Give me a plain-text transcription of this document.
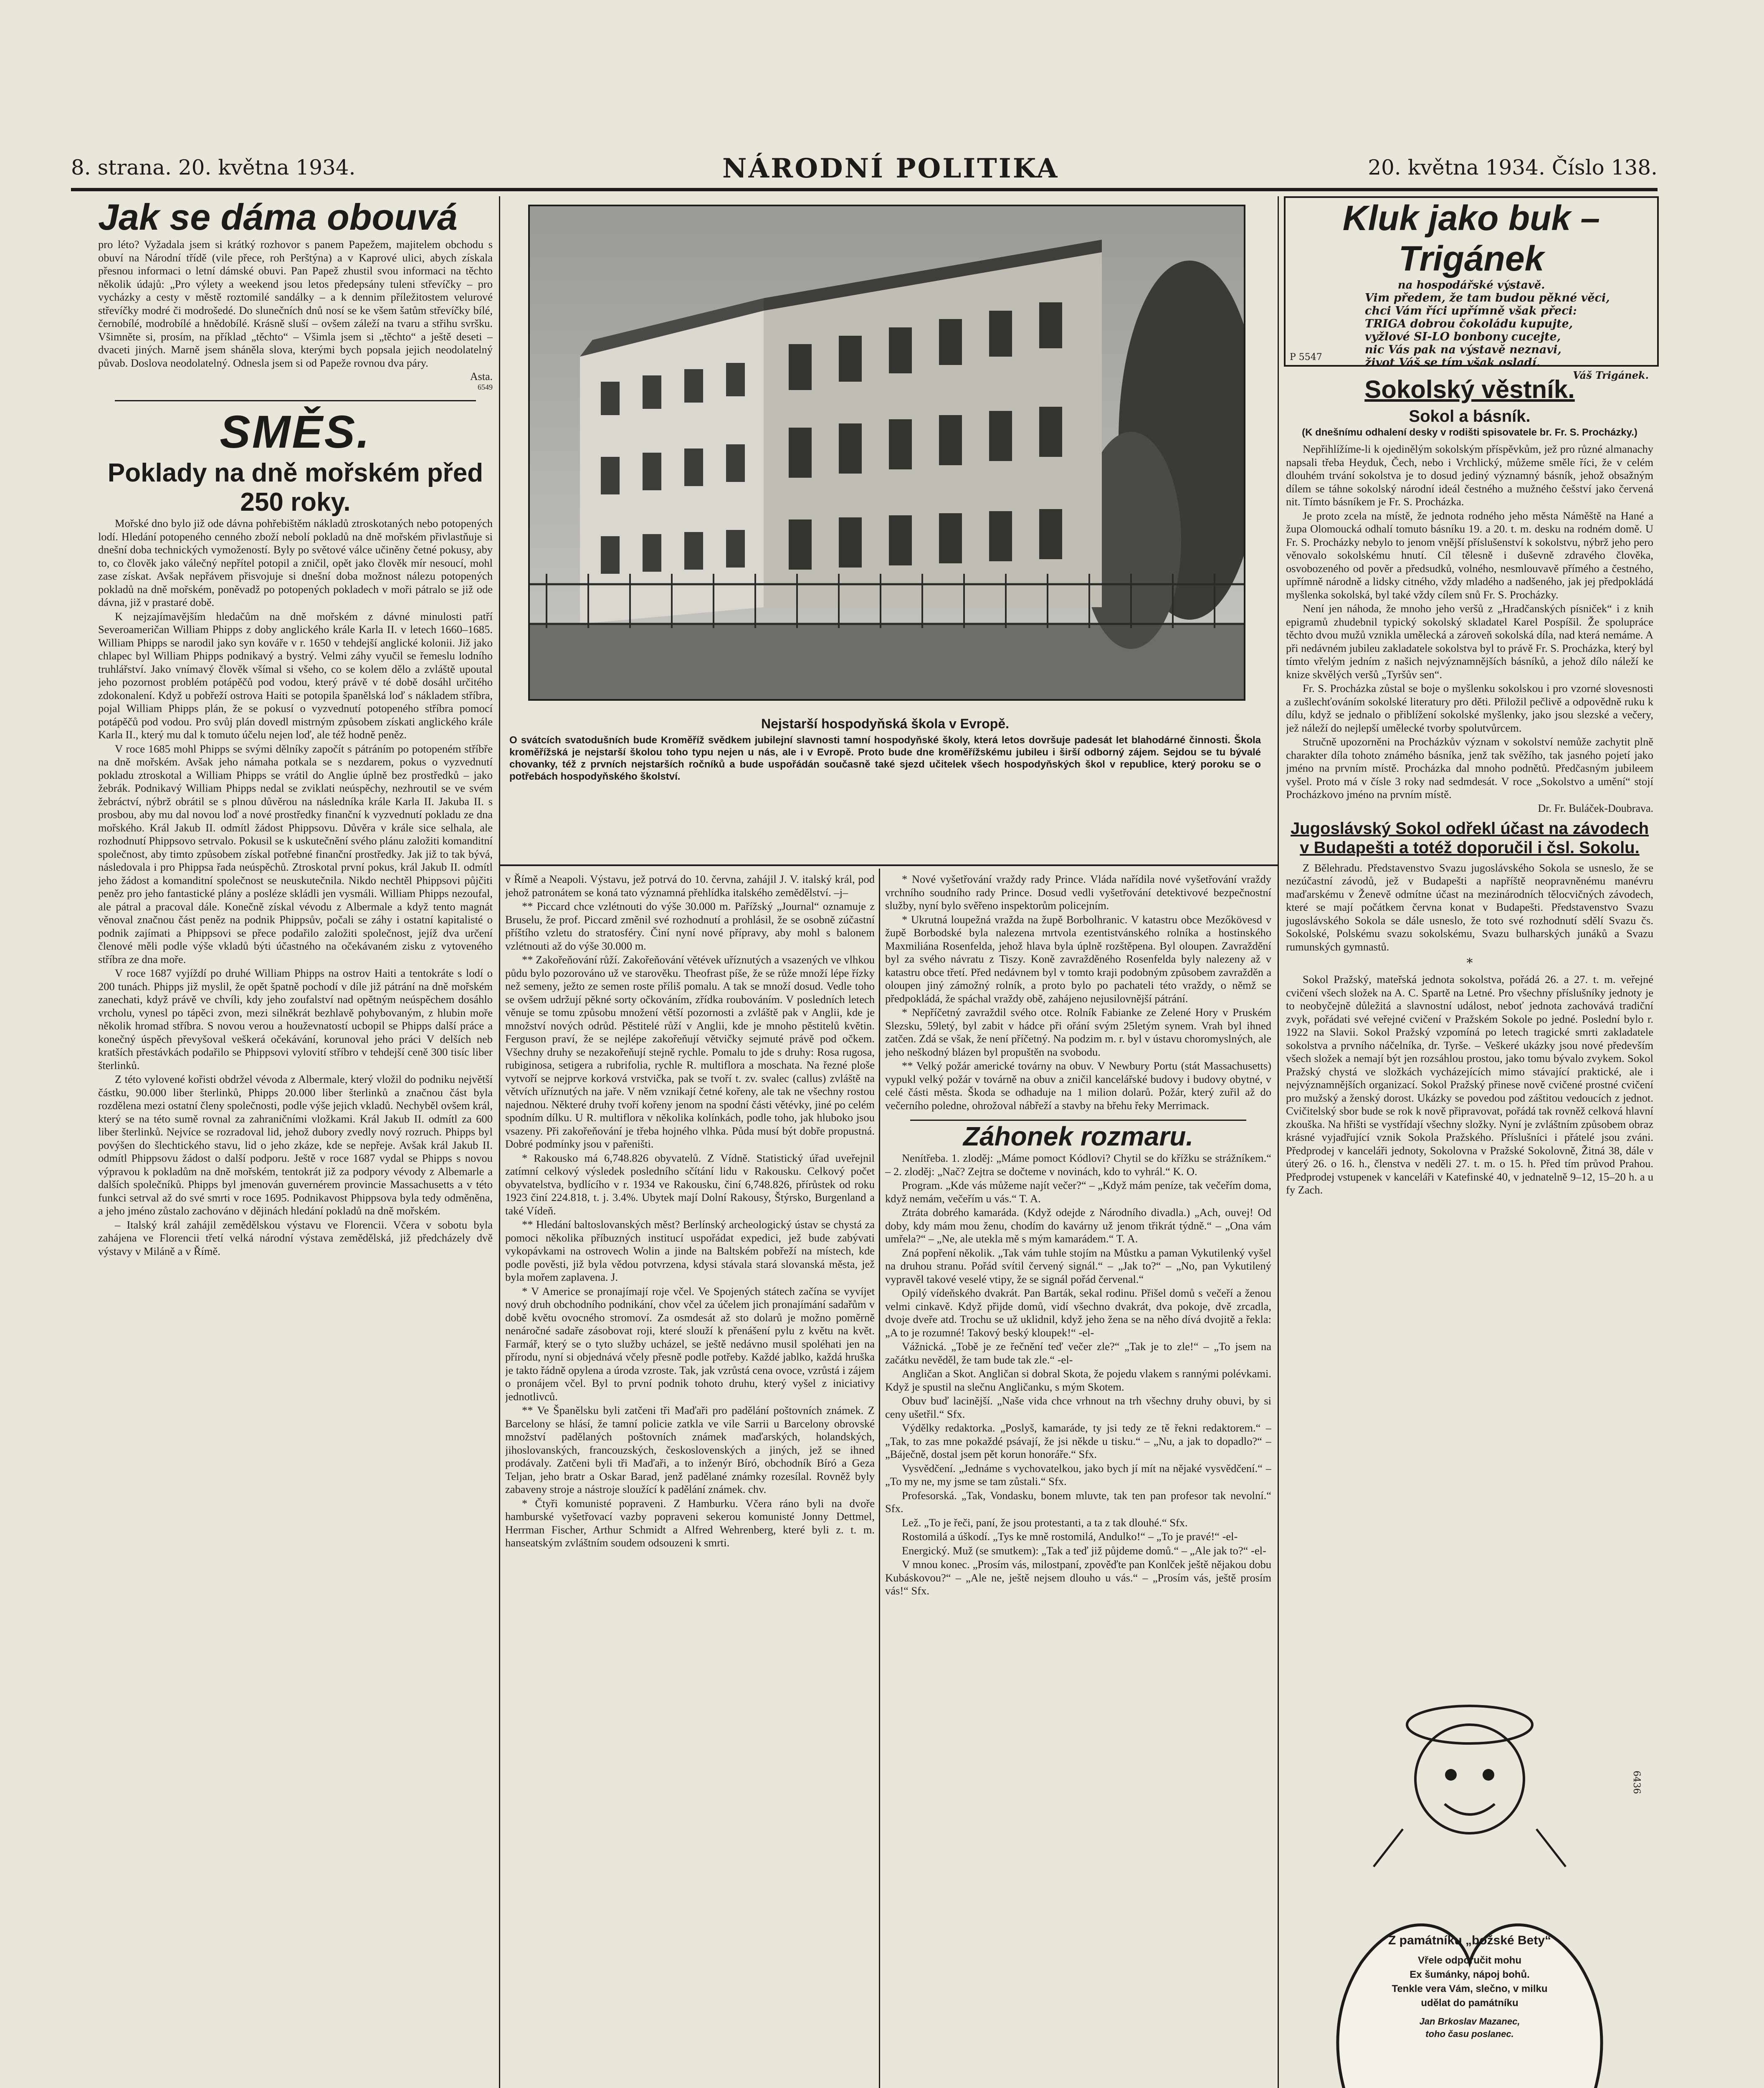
8. strana. 20. května 1934.	NÁRODNÍ POLITIKA	20. května 1934. Číslo 138.
Jak se dáma obouvá

pro léto? Vyžadala jsem si krátký rozhovor s panem Papežem, majitelem obchodu s obuví na Národní třídě (vile přece, roh Perštýna) a v Kaprové ulici, abych získala přesnou informaci o letní dámské obuvi. Pan Papež zhustil svou informaci na těchto několik údajů: „Pro výlety a weekend jsou letos předepsány tuleni střevíčky – pro vycházky a cesty v městě roztomilé sandálky – a k dennim příležitostem velurové střevíčky modré či modrošedé. Do slunečních dnů nosí se ke všem šatům střevíčky bílé, černobílé, modrobílé a hnědobílé. Krásně sluší – ovšem záleží na tvaru a střihu svršku. Všimněte si, prosím, na příklad „těchto“ – Všimla jsem si „těchto“ a ještě deseti – dvaceti jiných. Marně jsem sháněla slova, kterými bych popsala jejich neodolatelný půvab. Doslova neodolatelný. Odnesla jsem si od Papeže rovnou dva páry.

Asta.
6549
SMĚS.
Poklady na dně mořském před 250 roky.

Mořské dno bylo již ode dávna pohřebištěm nákladů ztroskotaných nebo potopených lodí. Hledání potopeného cenného zboží nebolí pokladů na dně mořském přivlastňuje si dnešní doba technických vymožeností. Byly po světové válce učiněny četné pokusy, aby to, co člověk jako válečný nepřítel potopil a zničil, opět jako člověk mír nesoucí, mohl zase získat. Avšak nepřávem přisvojuje si dnešní doba možnost nálezu potopených pokladů na dně mořském, poněvadž po potopených pokladech v moři pátralo se již ode dávna, již v prastaré době.

K nejzajímavějším hledačům na dně mořském z dávné minulosti patří Severoameričan William Phipps z doby anglického krále Karla II. v letech 1660–1685. William Phipps se narodil jako syn kováře v r. 1650 v tehdejší anglické kolonii. Již jako chlapec byl William Phipps podnikavý a bystrý. Velmi záhy vyučil se řemeslu lodního truhlářství. Jako vnímavý člověk všímal si všeho, co se kolem dělo a zvláště upoutal jeho pozornost problém potápěčů pod vodou, který právě v té době dosáhl určitého zdokonalení. Když u pobřeží ostrova Haiti se potopila španělská loď s nákladem stříbra, pojal William Phipps plán, že se pokusí o vyzvednutí potopeného stříbra pomocí potápěčů pod vodou. Pro svůj plán dovedl mistrným způsobem získati anglického krále Karla II., který mu dal k tomuto účelu nejen loď, ale též hodně peněz.

V roce 1685 mohl Phipps se svými dělníky započít s pátráním po potopeném stříbře na dně mořském. Avšak jeho námaha potkala se s nezdarem, pokus o vyzvednutí pokladu ztroskotal a William Phipps se vrátil do Anglie úplně bez prostředků – jako žebrák. Podnikavý William Phipps nedal se zviklati neúspěchy, nezhroutil se ve svém žebráctví, nýbrž obrátil se s plnou důvěrou na následníka krále Karla II. Jakuba II. s prosbou, aby mu dal novou loď a nové prostředky finanční k vyzvednutí pokladu ze dna mořského. Král Jakub II. odmítl žádost Phippsovu. Důvěra v krále sice selhala, ale rozhodnutí Phippsovo setrvalo. Pokusil se k uskutečnění svého plánu založiti komanditní společnost, aby timto způsobem získal potřebné finanční prostředky. Jak již to tak bývá, následovala i pro Phippsa řada neúspěchů. Ztroskotal první pokus, král Jakub II. odmítl jeho žádost a komanditní společnost se neuskutečnila. Nikdo nechtěl Phippsovi půjčiti peněz pro jeho fantastické plány a posléze skládli jen vysmáli. William Phipps nezoufal, ale pátral a pracoval dále. Konečně získal vévodu z Albermale a když tento magnát věnoval značnou část peněz na podnik Phippsův, počali se záhy i ostatní kapitalisté o podnik zajímati a Phippsovi se přece podařilo založiti společnost, jejíž dva určení členové měli podle výše vkladů býti účastného na očekávaném zisku z vytoveného stříbra ze dna moře.

V roce 1687 vyjíždí po druhé William Phipps na ostrov Haiti a tentokráte s lodí o 200 tunách. Phipps již myslil, že opět špatně pochodí v díle již pátrání na dně mořském zanechati, když právě ve chvíli, kdy jeho zoufalství nad opětným neúspěchem dosáhlo vrcholu, vynesl po tápěci zvon, mezi silněkrát bezhlavě pohybovaným, z hlubin moře několik hromad stříbra. S novou verou a houževnatostí ucbopil se Phipps další práce a konečný úspěch převyšoval veškerá očekávání, korunoval jeho práci V delších neb kratších přestávkách podařilo se Phippsovi vylovití stříbro v tehdejší ceně 300 tisíc liber šterlinků.

Z této vylovené kořisti obdržel vévoda z Albermale, který vložil do podniku největší částku, 90.000 liber šterlinků, Phipps 20.000 liber šterlinků a značnou část byla rozdělena mezi ostatní členy společnosti, podle výše jejich vkladů. Nechyběl ovšem král, který se na této sumě rovnal za zahraničními vložkami. Král Jakub II. odmítl za 600 liber šterlinků. Nejvíce se rozradoval lid, jehož dubory zvedly nový rozruch. Phipps byl povýšen do šlechtického stavu, lid o jeho zkáze, kde se nepřeje. Avšak král Jakub II. odmítl Phippsovu žádost o další podporu. Ještě v roce 1687 vydal se Phipps s novou výpravou k pokladům na dně mořském, tentokrát již za podpory vévody z Albemarle a dalších společníků. Phipps byl jmenován guvernérem provincie Massachusetts a v této funkci setrval až do své smrti v roce 1695. Podnikavost Phippsova byla tedy odměněna, a jeho jméno zůstalo zachováno v dějinách hledání pokladů na dně mořském.

– Italský král zahájil zemědělskou výstavu ve Florencii. Včera v sobotu byla zahájena ve Florencii třetí velká národní výstava zemědělská, již předcházely dvě výstavy v Miláně a v Římě.

Nejstarší hospodyňská škola v Evropě.
O svátcích svatodušních bude Kroměříž svědkem jubilejní slavnosti tamní hospodyňské školy, která letos dovršuje padesát let blahodárné činnosti. Škola kroměřížská je nejstarší školou toho typu nejen u nás, ale i v Evropě. Proto bude dne kroměřížskému jubileu i širší odborný zájem. Sejdou se tu bývalé chovanky, též z prvních nejstarších ročníků a bude uspořádán současně také sjezd učitelek všech hospodyňských škol v republice, který poroku se o potřebách hospodyňského školství.

v Římě a Neapoli. Výstavu, jež potrvá do 10. června, zahájil J. V. italský král, pod jehož patronátem se koná tato významná přehlídka italského zemědělství. –j–

** Piccard chce vzlétnouti do výše 30.000 m. Pařížský „Journal“ oznamuje z Bruselu, že prof. Piccard změnil své rozhodnutí a prohlásil, že se osobně zúčastní příštího vzletu do stratosféry. Činí nyní nové přípravy, aby mohl s balonem vzlétnouti až do výše 30.000 m.

** Zakořeňování růží. Zakořeňování větévek uříznutých a vsazených ve vlhkou půdu bylo pozorováno už ve starověku. Theofrast píše, že se růže množí lépe řízky než semeny, ježto ze semen roste příliš pomalu. A tak se množí dosud. Vedle toho se ovšem udržují pěkné sorty očkováním, zřídka roubováním. V posledních letech věnuje se tomu způsobu množení větší pozornosti a zvláště pak v Anglii, kde je množství nových odrůd. Pěstitelé růží v Anglii, kde je mnoho pěstitelů květin. Ferguson praví, že se nejlépe zakořeňují větvičky sejmuté právě pod očkem. Všechny druhy se nezakořeňují stejně rychle. Pomalu to jde s druhy: Rosa rugosa, rubiginosa, setigera a rubrifolia, rychle R. multiflora a moschata. Na řezné ploše vytvoří se nejprve korková vrstvička, pak se tvoří t. zv. svalec (callus) zvláště na větvích uříznutých na jaře. V něm vznikají četné kořeny, ale tak ne všechny rostou najednou. Některé druhy tvoří kořeny jenom na spodní části větévky, jiné po celém spodním dílku. U R. multiflora v několika kolínkách, podle toho, jak hluboko jsou vsazeny. Při zakořeňování je třeba hojného vlhka. Půda musí být dobře propustná. Dobré podmínky jsou v pařeništi.

* Rakousko má 6,748.826 obyvatelů. Z Vídně. Statistický úřad uveřejnil zatímní celkový výsledek posledního sčítání lidu v Rakousku. Celkový počet obyvatelstva, bydlícího v r. 1934 ve Rakousku, činí 6,748.826, přírůstek od roku 1923 činí 224.818, t. j. 3.4%. Ubytek mají Dolní Rakousy, Štýrsko, Burgenland a také Vídeň.

** Hledání baltoslovanských měst? Berlínský archeologický ústav se chystá za pomoci několika příbuzných institucí uspořádat expedici, jež bude zabývati vykopávkami na ostrovech Wolin a jinde na Baltském pobřeží na místech, kde podle pověsti, již byla vědou potvrzena, kdysi stávala stará slovanská města, jež byla mořem zaplavena. J.

* V Americe se pronajímají roje včel. Ve Spojených státech začína se vyvíjet nový druh obchodního podnikání, chov včel za účelem jich pronajímání sadařům v době květu ovocného stromoví. Za osmdesát až sto dolarů je možno poměrně nenáročné sadaře zásobovat roji, které slouží k přenášení pylu z květu na květ. Farmář, který se o tyto služby ucházel, se ještě nedávno musil spoléhati jen na přírodu, nyní si objednává včely přesně podle potřeby. Každé jablko, každá hruška je takto řádně opylena a úroda vzroste. Tak, jak vzrůstá cena ovoce, vzrůstá i zájem o pronájem včel. Byl to první podnik tohoto druhu, který vyšel z iniciativy jednotlivců.

** Ve Španělsku byli zatčeni tři Maďaři pro padělání poštovních známek. Z Barcelony se hlásí, že tamní policie zatkla ve vile Sarrii u Barcelony obrovské množství padělaných poštovních známek maďarských, holandských, jihoslovanských, francouzských, československých a jiných, jež se ihned prodávaly. Zatčeni byli tři Maďaři, a to inženýr Bíró, obchodník Bíró a Geza Teljan, jeho bratr a Oskar Barad, jenž padělané známky rozesílal. Rovněž byly zabaveny stroje a nástroje sloužící k padělání známek. chv.

* Čtyři komunisté popraveni. Z Hamburku. Včera ráno byli na dvoře hamburské vyšetřovací vazby popraveni sekerou komunisté Jonny Dettmel, Herrman Fischer, Arthur Schmidt a Alfred Wehrenberg, které byli z. t. m. hanseatským zvláštním soudem odsouzeni k smrti.

* Nové vyšetřování vraždy rady Prince. Vláda nařídila nové vyšetřování vraždy vrchního soudního rady Prince. Dosud vedli vyšetřování detektivové bezpečnostní služby, nyní bylo svěřeno inspektorům policejním.

* Ukrutná loupežná vražda na župě Borbolhranic. V katastru obce Mezőkövesd v župě Borbodské byla nalezena mrtvola ezentistvánského rolníka a hostinského Maxmiliána Rosenfelda, jehož hlava byla úplně rozštěpena. Byl oloupen. Zavraždění byl za svého návratu z Tiszy. Koně zavražděného Rosenfelda byly nalezeny až v katastru obce třetí. Před nedávnem byl v tomto kraji podobným způsobem zavražděn a oloupen jiný zámožný rolník, a proto bylo po pachateli této vraždy, o němž se předpokládá, že spáchal vraždy obě, zahájeno nejusilovnější pátrání.

* Nepříčetný zavraždil svého otce. Rolník Fabianke ze Zelené Hory v Pruském Slezsku, 59letý, byl zabit v hádce při ořání svým 25letým synem. Vrah byl ihned zatčen. Zdá se však, že není příčetný. Na podzim m. r. byl v ústavu choromyslných, ale jeho neškodný blázen byl propuštěn na svobodu.

** Velký požár americké továrny na obuv. V Newbury Portu (stát Massachusetts) vypukl velký požár v továrně na obuv a zničil kancelářské budovy i budovy obytné, v celé části města. Škoda se odhaduje na 1 milion dolarů. Požár, který zuřil až do večerního poledne, ohrožoval nábřeží a stavby na břehu řeky Merrimack.

Záhonek rozmaru.

Nenítřeba. 1. zloděj: „Máme pomoct Kódlovi? Chytil se do křížku se strážníkem.“ – 2. zloděj: „Nač? Zejtra se dočteme v novinách, kdo to vyhrál.“ K. O.

Program. „Kde vás můžeme najít večer?“ – „Když mám peníze, tak večeřím doma, když nemám, večeřím u vás.“ T. A.

Ztráta dobrého kamaráda. (Když odejde z Národního divadla.) „Ach, ouvej! Od doby, kdy mám mou ženu, chodím do kavárny už jenom třikrát týdně.“ – „Ona vám umřela?“ – „Ne, ale utekla mě s mým kamarádem.“ T. A.

Zná popření několik. „Tak vám tuhle stojím na Můstku a paman Vykutilenký vyšel na druhou stranu. Pořád svítil červený signál.“ – „Jak to?“ – „No, pan Vykutilený vypravěl takové veselé vtipy, že se signál pořád červenal.“

Opilý vídeňského dvakrát. Pan Barták, sekal rodinu. Přišel domů s večeří a ženou velmi cinkavě. Když přijde domů, vidí všechno dvakrát, dva pokoje, dvě zrcadla, dvoje dveře atd. Trochu se už uklidnil, když jeho žena se na něho dívá dvojitě a řekla: „A to je rozumné! Takový beský kloupek!“ -el-

Vážnická. „Tobě je ze řečnění teď večer zle?“ „Tak je to zle!“ – „To jsem na začátku nevěděl, že tam bude tak zle.“ -el-

Angličan a Skot. Angličan si dobral Skota, že pojedu vlakem s rannými polévkami. Když je spustil na slečnu Angličanku, s mým Skotem.

Obuv buď lacinější. „Naše vida chce vrhnout na trh všechny druhy obuvi, by si ceny ušetřil.“ Sfx.

Výdělky redaktorka. „Poslyš, kamaráde, ty jsi tedy ze tě řekni redaktorem.“ – „Tak, to zas mne pokaždé psávají, že jsi někde u tisku.“ – „Nu, a jak to dopadlo?“ – „Báječně, dostal jsem pět korun honoráře.“ Sfx.

Vysvědčení. „Jednáme s vychovatelkou, jako bych jí mít na nějaké vysvědčení.“ – „To my ne, my jsme se tam zůstali.“ Sfx.

Profesorská. „Tak, Vondasku, bonem mluvte, tak ten pan profesor tak nevolní.“ Sfx.

Lež. „To je řeči, paní, že jsou protestanti, a ta z tak dlouhé.“ Sfx.

Rostomilá a úškodí. „Tys ke mně rostomilá, Andulko!“ – „To je pravé!“ -el-

Energický. Muž (se smutkem): „Tak a teď již půjdeme domů.“ – „Ale jak to?“ -el-

V mnou konec. „Prosím vás, milostpaní, zpověďte pan Konlček ještě nějakou dobu Kubáskovou?“ – „Ale ne, ještě nejsem dlouho u vás.“ – „Prosím vás, ještě prosím vás!“ Sfx.

Kluk jako buk – Trigánek
na hospodářské výstavě.
Vim předem, že tam budou pěkné věci,
chci Vám říci upřímně však přeci:
TRIGA dobrou čokoládu kupujte,
vyžlové SI-LO bonbony cucejte,
nic Vás pak na výstavě neznavi,
život Váš se tím však osladí.
Váš Trigánek.
P 5547
Sokolský věstník.
Sokol a básník.
(K dnešnímu odhalení desky v rodišti spisovatele br. Fr. S. Procházky.)

Nepřihlížíme-li k ojedinělým sokolským příspěvkům, jež pro různé almanachy napsali třeba Heyduk, Čech, nebo i Vrchlický, můžeme směle říci, že v celém dlouhém trvání sokolstva je to dosud jediný významný básník, jehož obsažným dílem se táhne sokolský národní ideál čestného a mužného češství jako červená nit. Tímto básníkem je Fr. S. Procházka.

Je proto zcela na místě, že jednota rodného jeho města Náměště na Hané a župa Olomoucká odhalí tomuto básníku 19. a 20. t. m. desku na rodném domě. U Fr. S. Procházky nebylo to jenom vnější příslušenství k sokolstvu, nýbrž jeho pero věnovalo sokolskému hnutí. Cíl tělesně i duševně zdravého člověka, osvobozeného od pověr a předsudků, volného, nesmlouvavě přímého a čestného, upřímně národně a lidsky citného, vždy mladého a nadšeného, jak jej předpokládá myšlenka sokolská, byl také vždy cílem snů Fr. S. Procházky.

Není jen náhoda, že mnoho jeho veršů z „Hradčanských písniček“ i z knih epigramů zhudebnil typický sokolský skladatel Karel Pospíšil. Že spolupráce těchto dvou mužů vznikla umělecká a zároveň sokolská díla, nad která nemáme. A při nedávném jubileu zakladatele sokolstva byl to právě Fr. S. Procházka, který byl tímto vřelým jedním z našich nejvýznamnějších básníků, a jehož dílo náleží ke knize skvělých veršů „Tyršův sen“.

Fr. S. Procházka zůstal se boje o myšlenku sokolskou i pro vzorné slovesnosti a zušlechťováním sokolské literatury pro děti. Přiložil pečlivě a odpovědně ruku k dílu, když se jednalo o přiblížení sokolské myšlenky, jako jsou slezské a večery, jež náleží do nejlepší umělecké tvorby spolutvůrcem.

Stručně upozorněni na Procházkův význam v sokolství nemůže zachytit plně charakter díla tohoto známého básníka, jenž tak svěžího, tak jasného pojetí jako jméno na prvním místě. Procházka dal mnoho podnětů. Předčasným jubileem vyšel. Proto má v čísle 3 roky nad sedmdesát. V roce „Sokolstvo a umění“ stojí Procházkovo jméno na prvním místě.

Dr. Fr. Buláček-Doubrava.
Jugoslávský Sokol odřekl účast na závodech v Budapešti a totéž doporučil i čsl. Sokolu.

Z Bělehradu. Představenstvo Svazu jugoslávského Sokola se usneslo, že se nezúčastní závodů, jež v Budapešti a napříště neopravněnému manévru maďarskému v Ženevě odmítne účast na mezinárodních tělocvičných závodech, které se mají počátkem června konat v Budapešti. Představenstvo Svazu jugoslávského Sokola se dále usneslo, že toto své rozhodnutí sdělí Svazu čs. Sokolské, Polskému svazu sokolskému, Svazu bulharských junáků a Svazu rumunských gymnastů.

*

Sokol Pražský, mateřská jednota sokolstva, pořádá 26. a 27. t. m. veřejné cvičení všech složek na A. C. Spartě na Letné. Pro všechny příslušníky jednoty je to neobyčejně důležitá a slavnostní událost, neboť jednota zachovává tradiční zvyk, pořádati své veřejné cvičení v Pražském Sokole po jedné. Poslední bylo r. 1922 na Slavii. Sokol Pražský vzpomíná po letech tragické smrti zakladatele sokolstva a prvního náčelníka, dr. Tyrše. – Veškeré ukázky jsou nové především všech složek a nemají být jen rozsáhlou prostou, jako tomu bývalo zvykem. Sokol Pražský chystá ve složkách vycházejících mimo stávající praktické, ale i nejvýznamnějších organizací. Sokol Pražský přinese nově cvičené prostné cvičení pro mužský a ženský dorost. Ukázky se povedou pod záštitou vedoucích z jednot. Cvičitelský sbor bude se rok k nově připravovat, pořádá tak rovněž celková hlavní zkouška. Na hřišti se vystřídají všechny složky. Nyní je zvláštním způsobem obraz krásné vyjadřující vznik Sokola Pražského. Příslušníci i přátelé jsou zváni. Předprodej v kanceláři jednoty, Sokolovna v Pražské Sokolovně, Žitná 38, dále v úterý 26. o 16. h., členstva v neděli 27. t. m. o 15. h. Před tím průvod Prahou. Předprodej vstupenek v kanceláři v Katefinské 40, v jednatelně 9–12, 15–20 h. a u fy Zach.

Z památníku „božské Bety“
Vřele odporučit mohu
Ex šumánky, nápoj bohů.
Tenkle vera Vám, slečno, v milku
udělat do památníku
Jan Brkoslav Mazanec,
toho času poslanec.
6436
